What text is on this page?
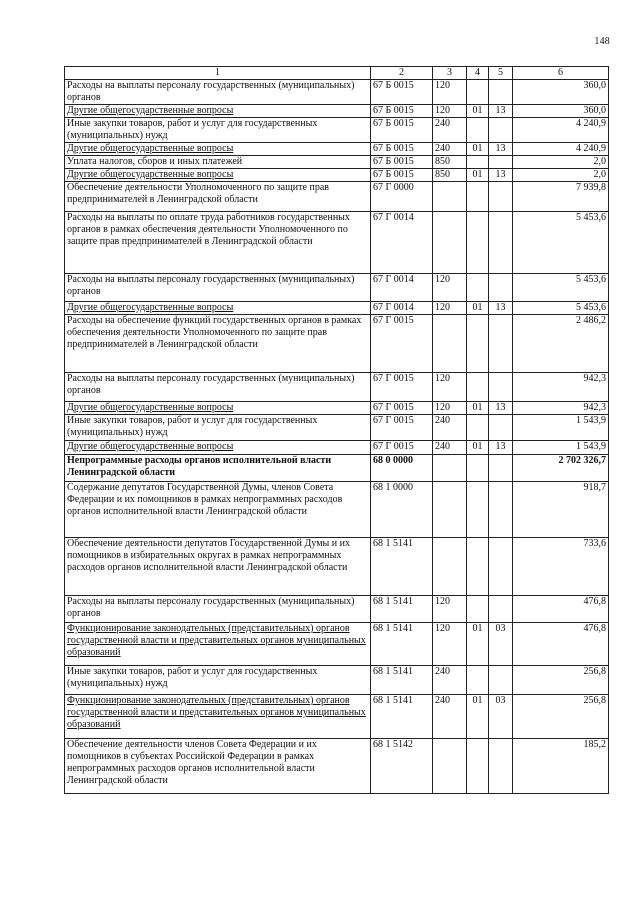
148
1	2	3	4	5	6
Расходы на выплаты персоналу государственных (муниципальных) органов	67 Б 0015	120			360,0
Другие общегосударственные вопросы	67 Б 0015	120	01	13	360,0
Иные закупки товаров, работ и услуг для государственных (муниципальных) нужд	67 Б 0015	240			4 240,9
Другие общегосударственные вопросы	67 Б 0015	240	01	13	4 240,9
Уплата налогов, сборов и иных платежей	67 Б 0015	850			2,0
Другие общегосударственные вопросы	67 Б 0015	850	01	13	2,0
Обеспечение деятельности Уполномоченного по защите прав предпринимателей в Ленинградской области	67 Г 0000				7 939,8
Расходы на выплаты по оплате труда работников государственных органов в рамках обеспечения деятельности Уполномоченного по защите прав предпринимателей в Ленинградской области	67 Г 0014				5 453,6
Расходы на выплаты персоналу государственных (муниципальных) органов	67 Г 0014	120			5 453,6
Другие общегосударственные вопросы	67 Г 0014	120	01	13	5 453,6
Расходы на обеспечение функций государственных органов в рамках обеспечения деятельности Уполномоченного по защите прав предпринимателей в Ленинградской области	67 Г 0015				2 486,2
Расходы на выплаты персоналу государственных (муниципальных) органов	67 Г 0015	120			942,3
Другие общегосударственные вопросы	67 Г 0015	120	01	13	942,3
Иные закупки товаров, работ и услуг для государственных (муниципальных) нужд	67 Г 0015	240			1 543,9
Другие общегосударственные вопросы	67 Г 0015	240	01	13	1 543,9
Непрограммные расходы органов исполнительной власти Ленинградской области	68 0 0000				2 702 326,7
Содержание депутатов Государственной Думы, членов Совета Федерации и их помощников в рамках непрограммных расходов органов исполнительной власти Ленинградской области	68 1 0000				918,7
Обеспечение деятельности депутатов Государственной Думы и их помощников в избирательных округах в рамках непрограммных расходов органов исполнительной власти Ленинградской области	68 1 5141				733,6
Расходы на выплаты персоналу государственных (муниципальных) органов	68 1 5141	120			476,8
Функционирование законодательных (представительных) органов государственной власти и представительных органов муниципальных образований	68 1 5141	120	01	03	476,8
Иные закупки товаров, работ и услуг для государственных (муниципальных) нужд	68 1 5141	240			256,8
Функционирование законодательных (представительных) органов государственной власти и представительных органов муниципальных образований	68 1 5141	240	01	03	256,8
Обеспечение деятельности членов Совета Федерации и их помощников в субъектах Российской Федерации в рамках непрограммных расходов органов исполнительной власти Ленинградской области	68 1 5142				185,2
